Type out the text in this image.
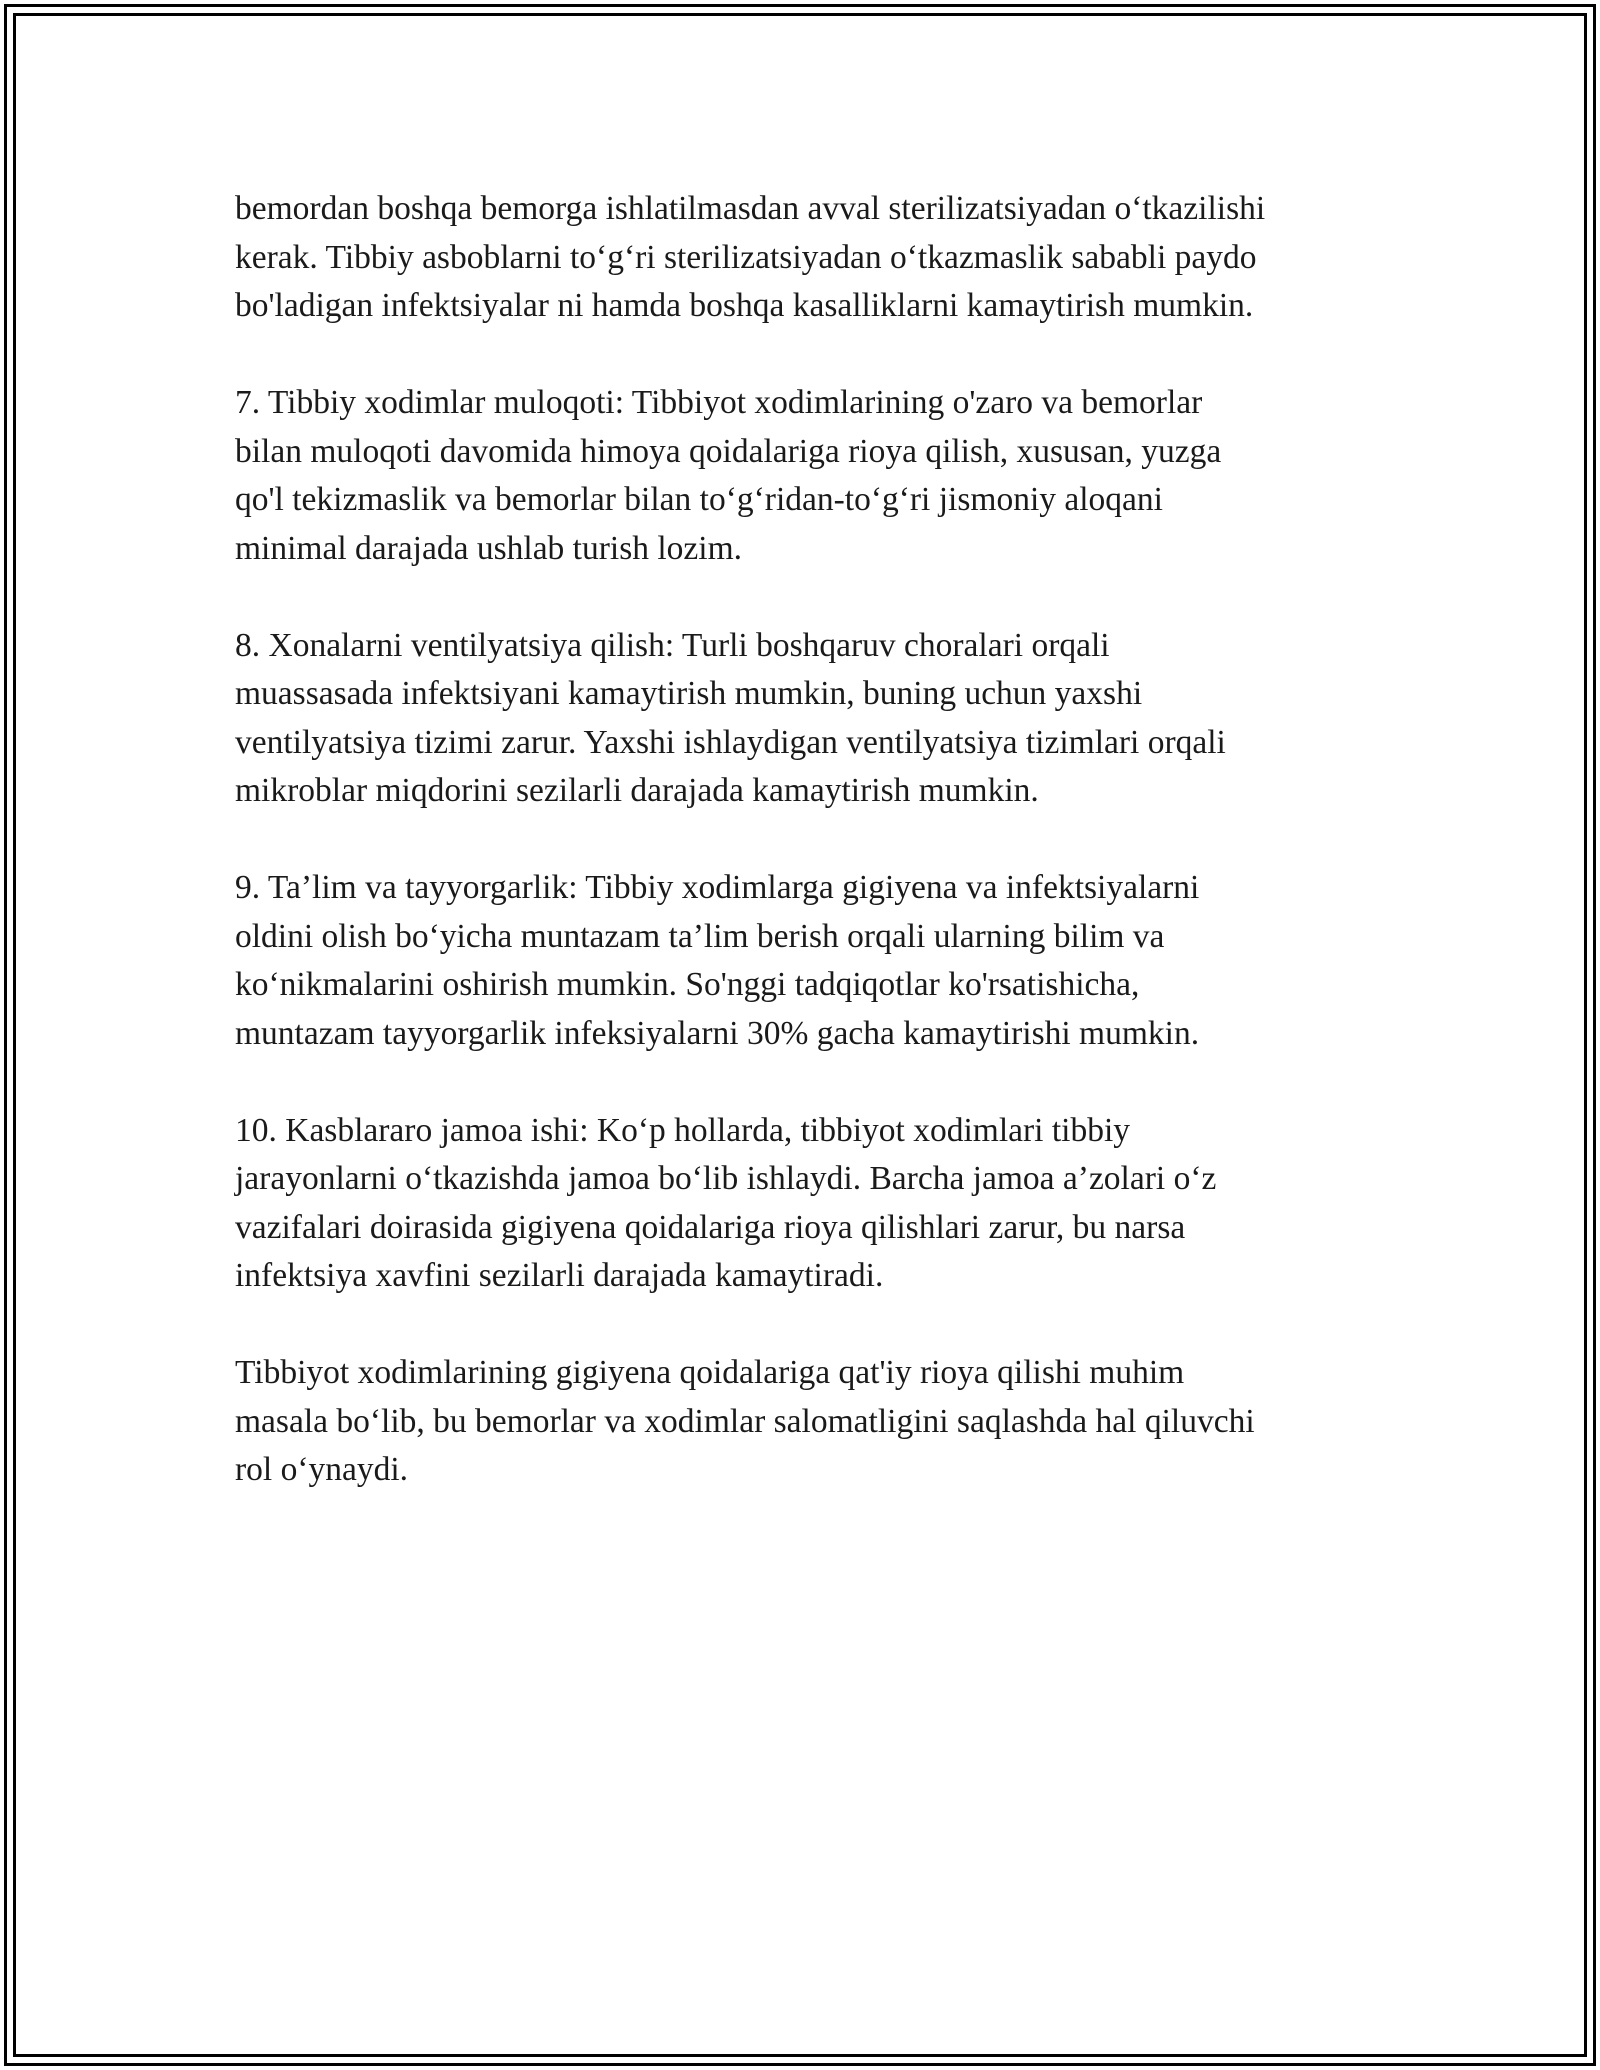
bemordan boshqa bemorga ishlatilmasdan avval sterilizatsiyadan oʻtkazilishi
kerak. Tibbiy asboblarni toʻgʻri sterilizatsiyadan oʻtkazmaslik sababli paydo
bo'ladigan infektsiyalar ni hamda boshqa kasalliklarni kamaytirish mumkin.

7. Tibbiy xodimlar muloqoti: Tibbiyot xodimlarining o'zaro va bemorlar
bilan muloqoti davomida himoya qoidalariga rioya qilish, xususan, yuzga
qo'l tekizmaslik va bemorlar bilan toʻgʻridan-toʻgʻri jismoniy aloqani
minimal darajada ushlab turish lozim.

8. Xonalarni ventilyatsiya qilish: Turli boshqaruv choralari orqali
muassasada infektsiyani kamaytirish mumkin, buning uchun yaxshi
ventilyatsiya tizimi zarur. Yaxshi ishlaydigan ventilyatsiya tizimlari orqali
mikroblar miqdorini sezilarli darajada kamaytirish mumkin.

9. Ta’lim va tayyorgarlik: Tibbiy xodimlarga gigiyena va infektsiyalarni
oldini olish boʻyicha muntazam ta’lim berish orqali ularning bilim va
koʻnikmalarini oshirish mumkin. So'nggi tadqiqotlar ko'rsatishicha,
muntazam tayyorgarlik infeksiyalarni 30% gacha kamaytirishi mumkin.

10. Kasblararo jamoa ishi: Koʻp hollarda, tibbiyot xodimlari tibbiy
jarayonlarni oʻtkazishda jamoa boʻlib ishlaydi. Barcha jamoa a’zolari oʻz
vazifalari doirasida gigiyena qoidalariga rioya qilishlari zarur, bu narsa
infektsiya xavfini sezilarli darajada kamaytiradi.

Tibbiyot xodimlarining gigiyena qoidalariga qat'iy rioya qilishi muhim
masala boʻlib, bu bemorlar va xodimlar salomatligini saqlashda hal qiluvchi
rol oʻynaydi.
